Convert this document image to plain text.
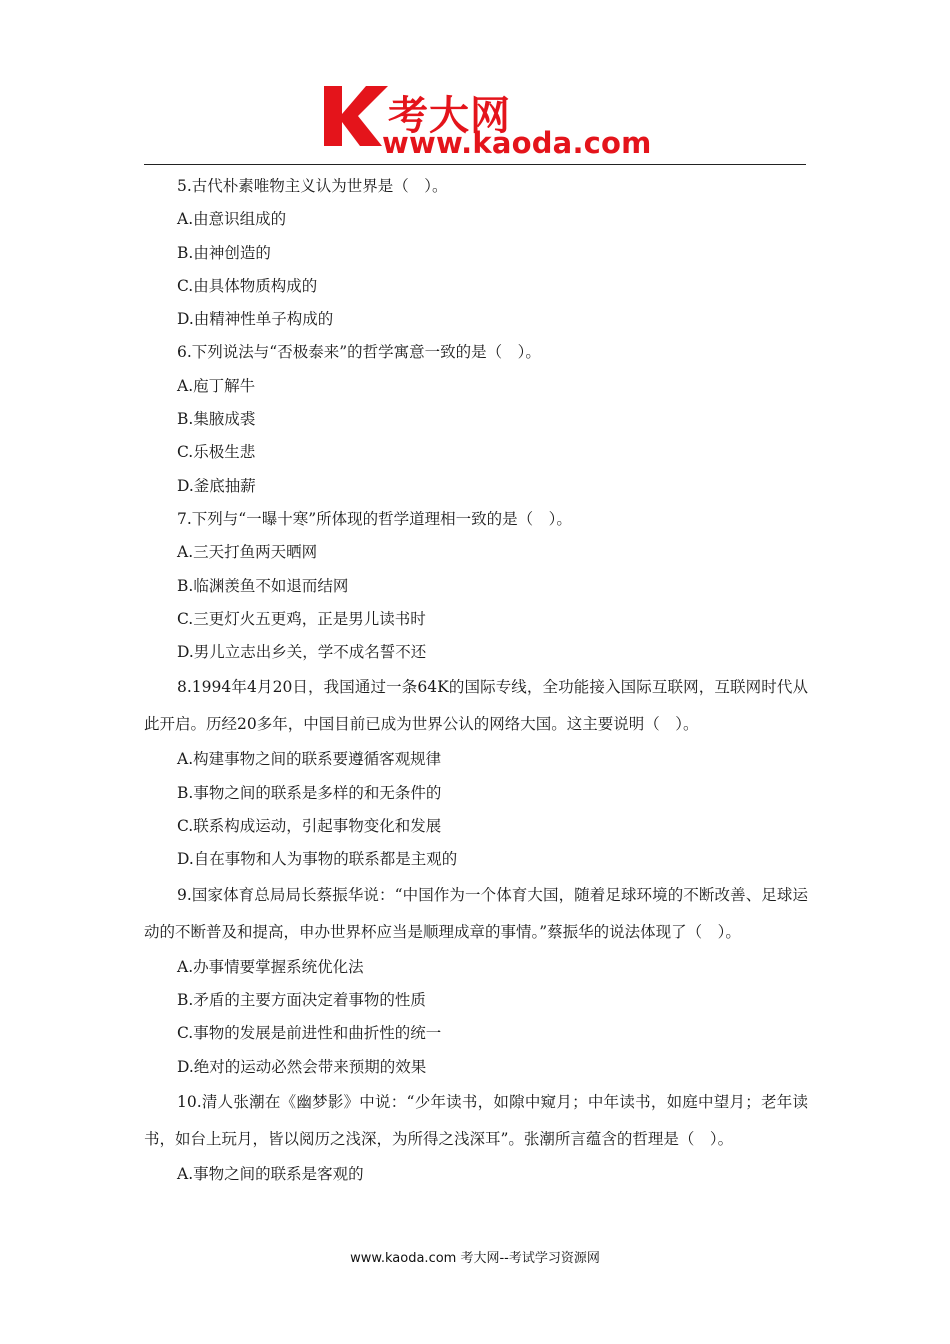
考大网
www.kaoda.com
5.古代朴素唯物主义认为世界是（　）。
A.由意识组成的
B.由神创造的
C.由具体物质构成的
D.由精神性单子构成的
6.下列说法与“否极泰来”的哲学寓意一致的是（　）。
A.庖丁解牛
B.集腋成裘
C.乐极生悲
D.釜底抽薪
7.下列与“一曝十寒”所体现的哲学道理相一致的是（　）。
A.三天打鱼两天晒网
B.临渊羡鱼不如退而结网
C.三更灯火五更鸡，正是男儿读书时
D.男儿立志出乡关，学不成名誓不还

8.1994年4月20日，我国通过一条64K的国际专线，全功能接入国际互联网，互联网时代从此开启。历经20多年，中国目前已成为世界公认的网络大国。这主要说明（　）。

A.构建事物之间的联系要遵循客观规律
B.事物之间的联系是多样的和无条件的
C.联系构成运动，引起事物变化和发展
D.自在事物和人为事物的联系都是主观的

9.国家体育总局局长蔡振华说：“中国作为一个体育大国，随着足球环境的不断改善、足球运动的不断普及和提高，申办世界杯应当是顺理成章的事情。”蔡振华的说法体现了（　）。

A.办事情要掌握系统优化法
B.矛盾的主要方面决定着事物的性质
C.事物的发展是前进性和曲折性的统一
D.绝对的运动必然会带来预期的效果

10.清人张潮在《幽梦影》中说：“少年读书，如隙中窥月；中年读书，如庭中望月；老年读书，如台上玩月，皆以阅历之浅深，为所得之浅深耳”。张潮所言蕴含的哲理是（　）。

A.事物之间的联系是客观的
www.kaoda.com 考大网--考试学习资源网
